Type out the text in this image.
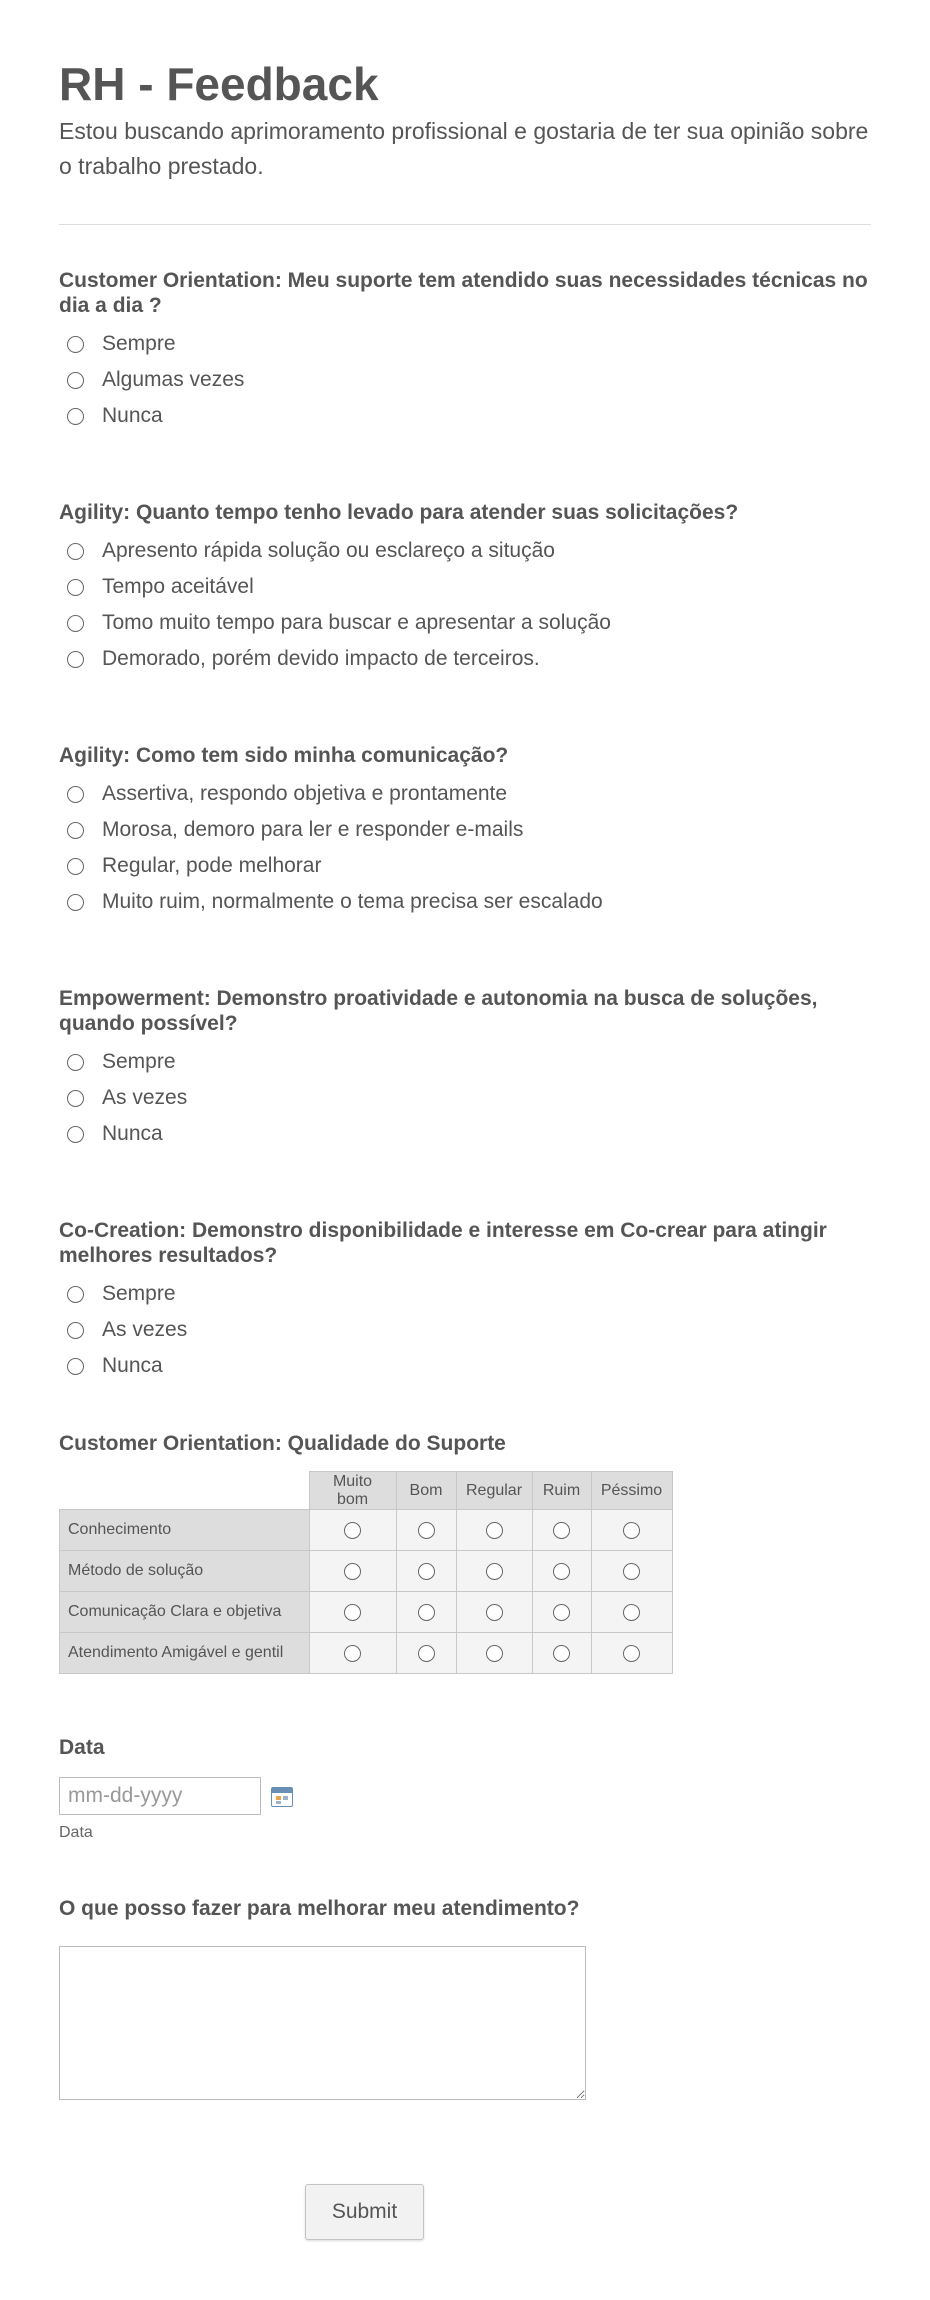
RH - Feedback
Estou buscando aprimoramento profissional e gostaria de ter sua opinião sobre o trabalho prestado.
Customer Orientation: Meu suporte tem atendido suas necessidades técnicas no dia a dia ?
Sempre
Algumas vezes
Nunca
Agility: Quanto tempo tenho levado para atender suas solicitações?
Apresento rápida solução ou esclareço a situção
Tempo aceitável
Tomo muito tempo para buscar e apresentar a solução
Demorado, porém devido impacto de terceiros.
Agility: Como tem sido minha comunicação?
Assertiva, respondo objetiva e prontamente
Morosa, demoro para ler e responder e-mails
Regular, pode melhorar
Muito ruim, normalmente o tema precisa ser escalado
Empowerment: Demonstro proatividade e autonomia na busca de soluções, quando possível?
Sempre
As vezes
Nunca
Co-Creation: Demonstro disponibilidade e interesse em Co-crear para atingir melhores resultados?
Sempre
As vezes
Nunca
Customer Orientation: Qualidade do Suporte
	Muito bom	Bom	Regular	Ruim	Péssimo
Conhecimento	

Método de solução	

Comunicação Clara e objetiva	

Atendimento Amigável e gentil	

Data
mm-dd-yyyy
Data
O que posso fazer para melhorar meu atendimento?
Submit
